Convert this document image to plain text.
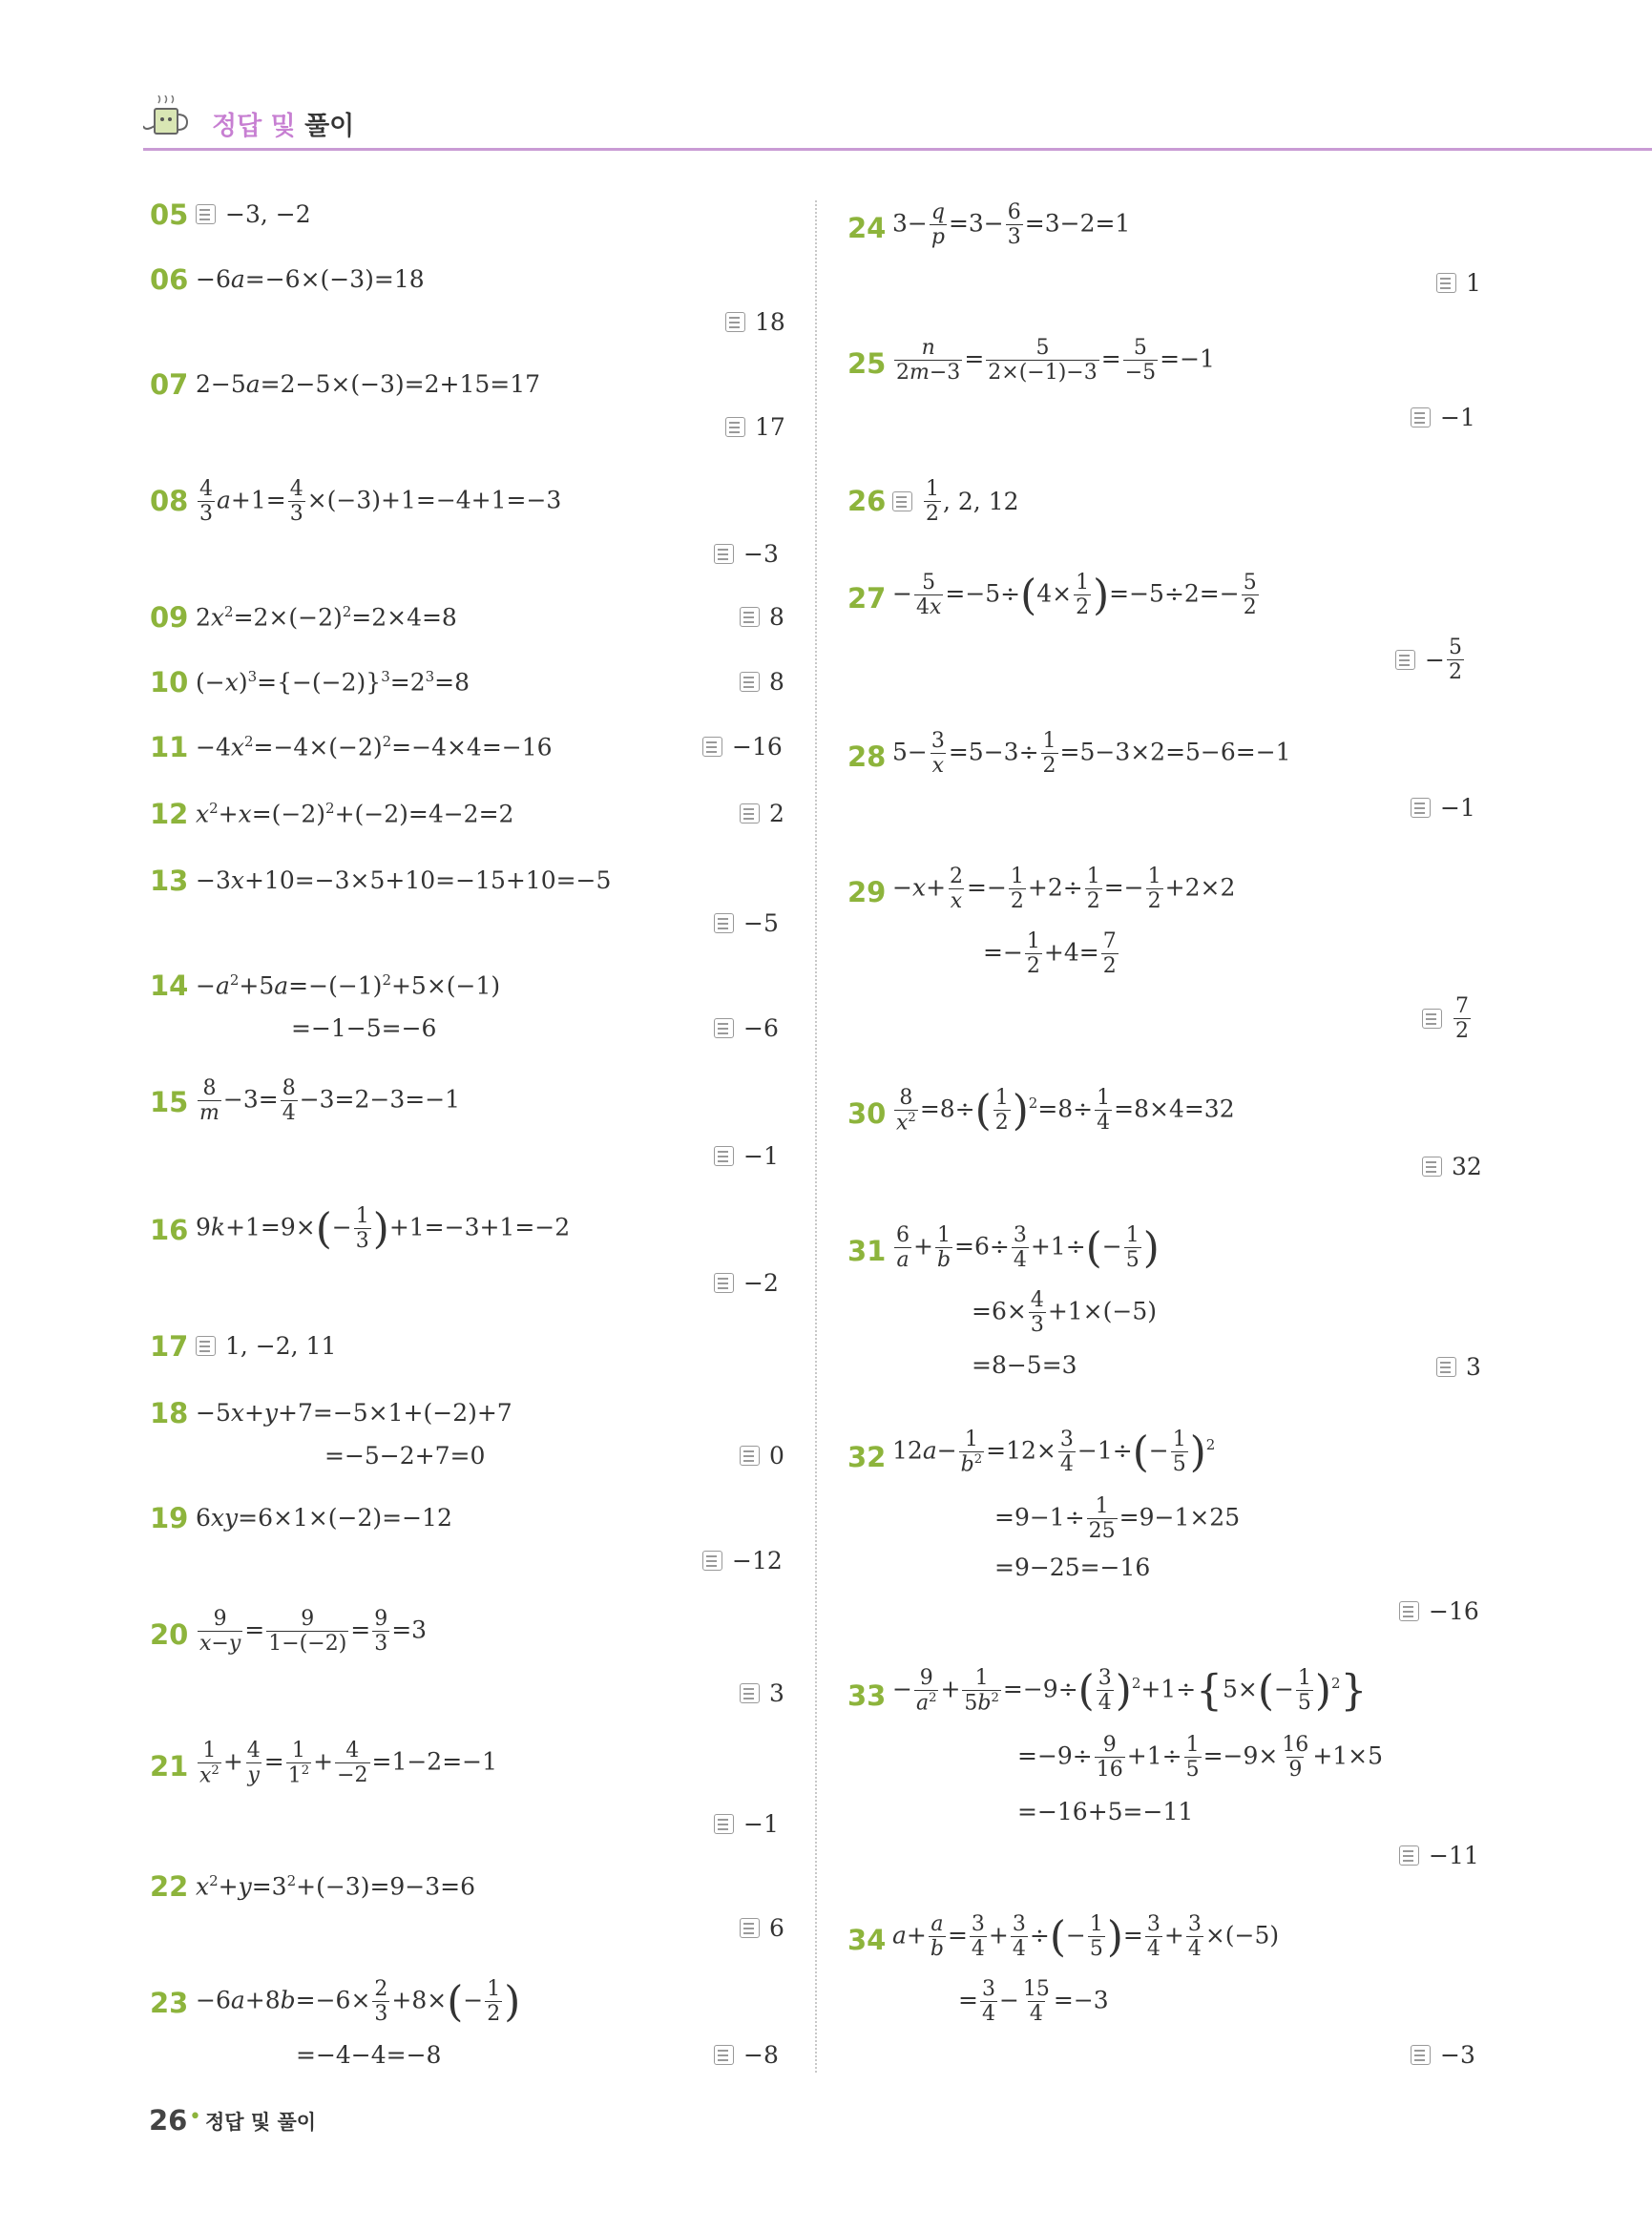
정답 및 풀이
05 −3, −2
06 −6a=−6×(−3)=18
18
07 2−5a=2−5×(−3)=2+15=17
17
$08 \frac{4}{3} a+1= \frac{4}{3} \times(-3)+1=-4+1=-3$
−3
09 $2x^2=2\times(-2)^2=2\times 4=8$	8
10 $(-x)^3=\{-(-2)\}^3=2^3=8$	8
$11 -4x^2=-4\times(-2)^2=-4\times 4=-16$	−16
12 $x^2+x=(-2)^2+(-2)=4-2=2$	2
13 −3x+10=−3×5+10=−15+10=−5
−5
$14 -a^2+5a=-(-1)^2+5\times(-1)$
=−1−5=−6	−6
$15 \frac{8}{m} -3= \frac{8}{4} -3=2-3=-1$
−1
16 $9k+1=9\times(- \frac{1}{3} )+1=-3+1=-2$
−2
17 1, −2, 11
18 −5x+y+7=−5×1+(−2)+7
=−5−2+7=0	0
19 6xy=6×1×(−2)=−12
−12
$20 \frac{9}{x-y} = \frac{9}{1-(-2)} = \frac{9}{3} =3$
3
$21 \frac{1}{x^2} + \frac{4}{y} = \frac{1}{1^2} + \frac{4}{-2} =1-2=-1$
−1
22 $x^2+y=3^2+(-3)=9-3=6$
6
$23 -6a+8b=-6\times \frac{2}{3} +8\times(- \frac{1}{2}$ )
=−4−4=−8	−8
24 $3- \frac{q}{p} =3- \frac{6}{3} =3-2=1$
1
$25 \frac{n}{2m-3} = \frac{5}{2\times(-1)-3} = \frac{5}{-5} =-1$
−1
$26 \frac{1}{2}$ , 2, 12
$27 - \frac{5}{4x} =-5\div(4\times \frac{1}{2} )=-5\div 2=- \frac{5}{2}$
− $\frac{5}{2}$
28 $5- \frac{3}{x} =5-3\div \frac{1}{2} =5-3\times 2=5-6=-1$
−1
$29 -x+ \frac{2}{x} =- \frac{1}{2} +2\div \frac{1}{2} =- \frac{1}{2} +2\times 2$
=− $\frac{1}{2} +4= \frac{7}{2}$
$\frac{7}{2}$
$30 \frac{8}{x^2} =8\div( \frac{1}{2} )^2=8\div \frac{1}{4} =8\times 4=32$
32
$31 \frac{6}{a} + \frac{1}{b} =6\div \frac{3}{4} +1\div(- \frac{1}{5}$ )
$=6\times \frac{4}{3} +1\times(-5)$
=8−5=3	3
32 $12a- \frac{1}{b^2} =12\times \frac{3}{4} -1\div(- \frac{1}{5} )^2$
$=9-1\div \frac{1}{25} =9-1\times 25$
=9−25=−16
−16
$33 - \frac{9}{a^2} + \frac{1}{5b^2} =-9\div( \frac{3}{4} )^2+1\div\{5\times(- \frac{1}{5} )^2\}$
$=-9\div \frac{9}{16} +1\div \frac{1}{5} =-9\times \frac{16}{9} +1\times 5$
=−16+5=−11
−11
34 $a+ \frac{a}{b} = \frac{3}{4} + \frac{3}{4}$ ÷(− $\frac{1}{5}$ )= $\frac{3}{4} + \frac{3}{4} \times(-5)$
= $\frac{3}{4} - \frac{15}{4} =-3$
−3
26 • 정답 및 풀이
